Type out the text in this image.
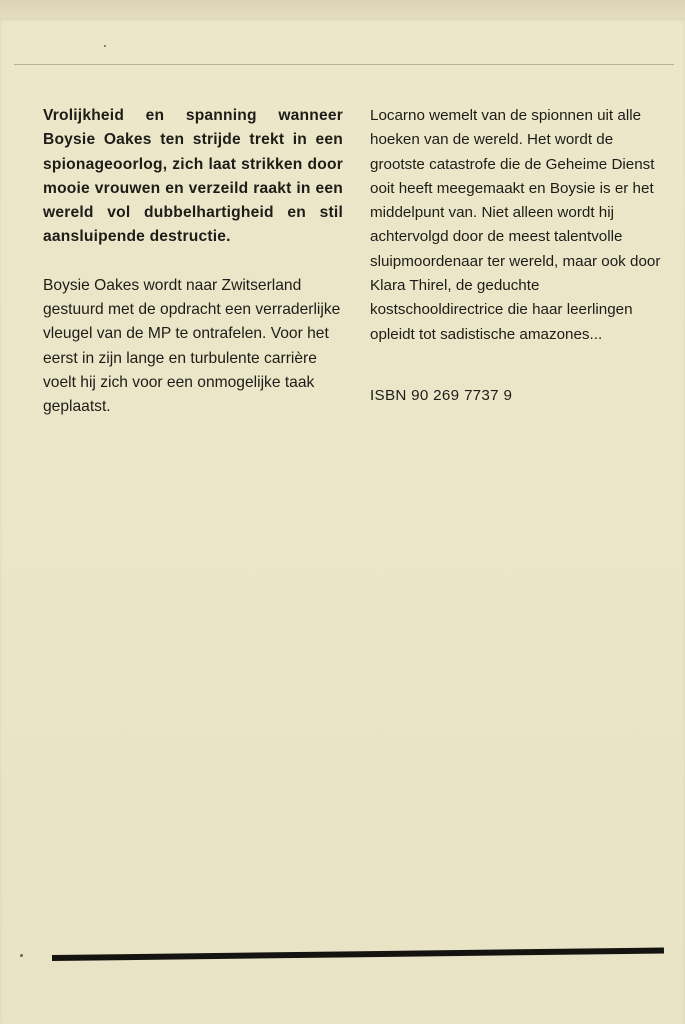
Vrolijkheid en spanning wanneer Boysie Oakes ten strijde trekt in een spionageoorlog, zich laat strikken door mooie vrouwen en verzeild raakt in een wereld vol dubbelhartigheid en stil aansluipende destructie.

Boysie Oakes wordt naar Zwitserland gestuurd met de opdracht een verraderlijke vleugel van de MP te ontrafelen. Voor het eerst in zijn lange en turbulente carrière voelt hij zich voor een onmogelijke taak geplaatst.

Locarno wemelt van de spionnen uit alle hoeken van de wereld. Het wordt de grootste catastrofe die de Geheime Dienst ooit heeft meegemaakt en Boysie is er het middelpunt van. Niet alleen wordt hij achtervolgd door de meest talentvolle sluipmoordenaar ter wereld, maar ook door Klara Thirel, de geduchte kostschooldirectrice die haar leerlingen opleidt tot sadistische amazones...

ISBN 90 269 7737 9
